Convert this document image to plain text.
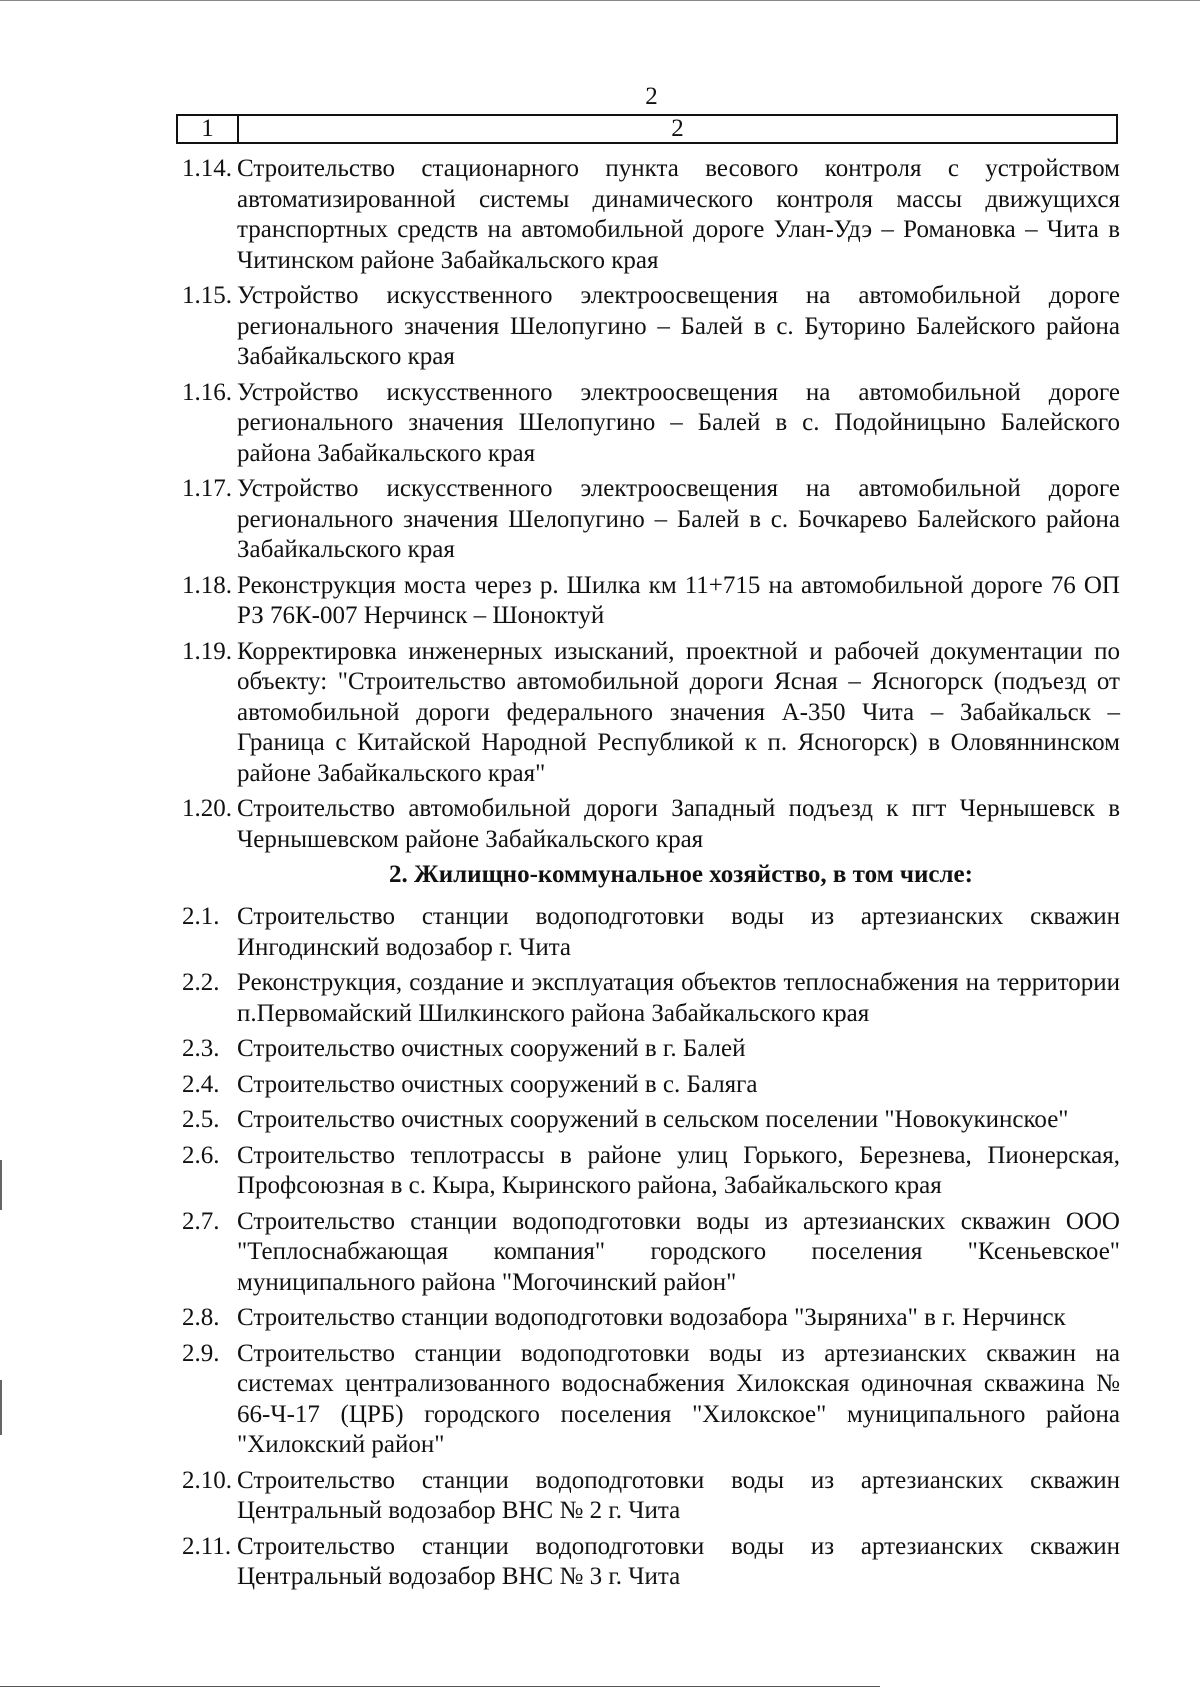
2
1	2
1.14. Строительство стационарного пункта весового контроля с устройством автоматизированной системы динамического контроля массы движущихся транспортных средств на автомобильной дороге Улан-Удэ – Романовка – Чита в Читинском районе Забайкальского края
1.15. Устройство искусственного электроосвещения на автомобильной дороге регионального значения Шелопугино – Балей в с. Буторино Балейского района Забайкальского края
1.16. Устройство искусственного электроосвещения на автомобильной дороге регионального значения Шелопугино – Балей в с. Подойницыно Балейского района Забайкальского края
1.17. Устройство искусственного электроосвещения на автомобильной дороге регионального значения Шелопугино – Балей в с. Бочкарево Балейского района Забайкальского края
1.18. Реконструкция моста через р. Шилка км 11+715 на автомобильной дороге 76 ОП РЗ 76К-007 Нерчинск – Шоноктуй
1.19. Корректировка инженерных изысканий, проектной и рабочей документации по объекту: "Строительство автомобильной дороги Ясная – Ясногорск (подъезд от автомобильной дороги федерального значения А-350 Чита – Забайкальск – Граница с Китайской Народной Республикой к п. Ясногорск) в Оловяннинском районе Забайкальского края"
1.20. Строительство автомобильной дороги Западный подъезд к пгт Чернышевск в Чернышевском районе Забайкальского края
2. Жилищно-коммунальное хозяйство, в том числе:
2.1. Строительство станции водоподготовки воды из артезианских скважин Ингодинский водозабор г. Чита
2.2. Реконструкция, создание и эксплуатация объектов теплоснабжения на территории п.Первомайский Шилкинского района Забайкальского края
2.3. Строительство очистных сооружений в г. Балей
2.4. Строительство очистных сооружений в с. Баляга
2.5. Строительство очистных сооружений в сельском поселении "Новокукинское"
2.6. Строительство теплотрассы в районе улиц Горького, Березнева, Пионерская, Профсоюзная в с. Кыра, Кыринского района, Забайкальского края
2.7. Строительство станции водоподготовки воды из артезианских скважин ООО "Теплоснабжающая компания" городского поселения "Ксеньевское" муниципального района "Могочинский район"
2.8. Строительство станции водоподготовки водозабора "Зыряниха" в г. Нерчинск
2.9. Строительство станции водоподготовки воды из артезианских скважин на системах централизованного водоснабжения Хилокская одиночная скважина № 66-Ч-17 (ЦРБ) городского поселения "Хилокское" муниципального района "Хилокский район"
2.10. Строительство станции водоподготовки воды из артезианских скважин Центральный водозабор ВНС № 2 г. Чита
2.11. Строительство станции водоподготовки воды из артезианских скважин Центральный водозабор ВНС № 3 г. Чита
